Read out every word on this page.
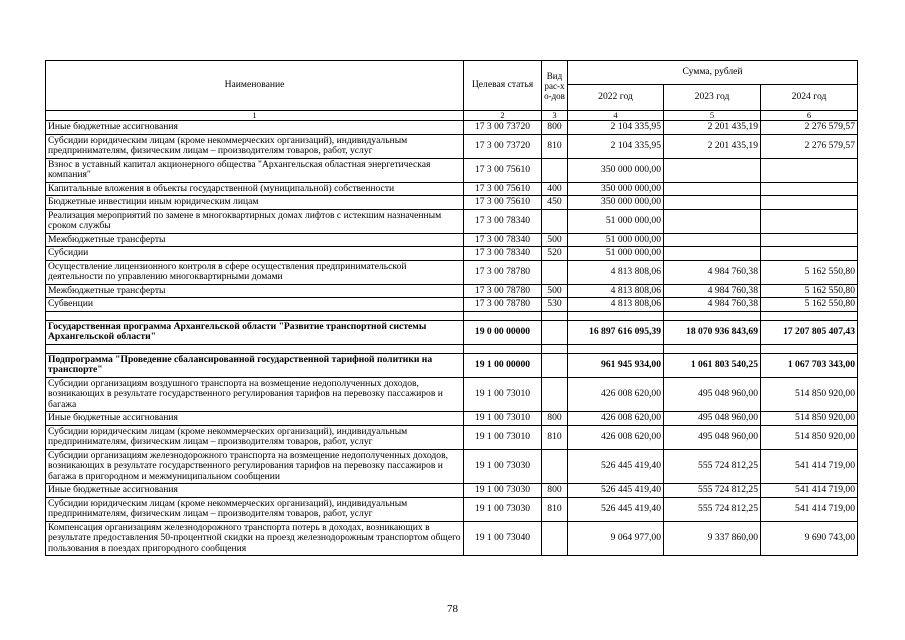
Наименование	Целевая статья	Вид рас-хо-дов	Сумма, рублей		
			2022 год	2023 год	2024 год
1	2	3	4	5	6
Иные бюджетные ассигнования	17 3 00 73720	800	2 104 335,95	2 201 435,19	2 276 579,57
Субсидии юридическим лицам (кроме некоммерческих организаций), индивидуальным предпринимателям, физическим лицам – производителям товаров, работ, услуг	17 3 00 73720	810	2 104 335,95	2 201 435,19	2 276 579,57
Взнос в уставный капитал акционерного общества "Архангельская областная энергетическая компания"	17 3 00 75610		350 000 000,00		
Капитальные вложения в объекты государственной (муниципальной) собственности	17 3 00 75610	400	350 000 000,00		
Бюджетные инвестиции иным юридическим лицам	17 3 00 75610	450	350 000 000,00		
Реализация мероприятий по замене в многоквартирных домах лифтов с истекшим назначенным сроком службы	17 3 00 78340		51 000 000,00		
Межбюджетные трансферты	17 3 00 78340	500	51 000 000,00		
Субсидии	17 3 00 78340	520	51 000 000,00		
Осуществление лицензионного контроля в сфере осуществления предпринимательской деятельности по управлению многоквартирными домами	17 3 00 78780		4 813 808,06	4 984 760,38	5 162 550,80
Межбюджетные трансферты	17 3 00 78780	500	4 813 808,06	4 984 760,38	5 162 550,80
Субвенции	17 3 00 78780	530	4 813 808,06	4 984 760,38	5 162 550,80

Государственная программа Архангельской области "Развитие транспортной системы Архангельской области"	19 0 00 00000		16 897 616 095,39	18 070 936 843,69	17 207 805 407,43

Подпрограмма "Проведение сбалансированной государственной тарифной политики на транспорте"	19 1 00 00000		961 945 934,00	1 061 803 540,25	1 067 703 343,00
Субсидии организациям воздушного транспорта на возмещение недополученных доходов, возникающих в результате государственного регулирования тарифов на перевозку пассажиров и багажа	19 1 00 73010		426 008 620,00	495 048 960,00	514 850 920,00
Иные бюджетные ассигнования	19 1 00 73010	800	426 008 620,00	495 048 960,00	514 850 920,00
Субсидии юридическим лицам (кроме некоммерческих организаций), индивидуальным предпринимателям, физическим лицам – производителям товаров, работ, услуг	19 1 00 73010	810	426 008 620,00	495 048 960,00	514 850 920,00
Субсидии организациям железнодорожного транспорта на возмещение недополученных доходов, возникающих в результате государственного регулирования тарифов на перевозку пассажиров и багажа в пригородном и межмуниципальном сообщении	19 1 00 73030		526 445 419,40	555 724 812,25	541 414 719,00
Иные бюджетные ассигнования	19 1 00 73030	800	526 445 419,40	555 724 812,25	541 414 719,00
Субсидии юридическим лицам (кроме некоммерческих организаций), индивидуальным предпринимателям, физическим лицам – производителям товаров, работ, услуг	19 1 00 73030	810	526 445 419,40	555 724 812,25	541 414 719,00
Компенсация организациям железнодорожного транспорта потерь в доходах, возникающих в результате предоставления 50-процентной скидки на проезд железнодорожным транспортом общего пользования в поездах пригородного сообщения	19 1 00 73040		9 064 977,00	9 337 860,00	9 690 743,00
78
